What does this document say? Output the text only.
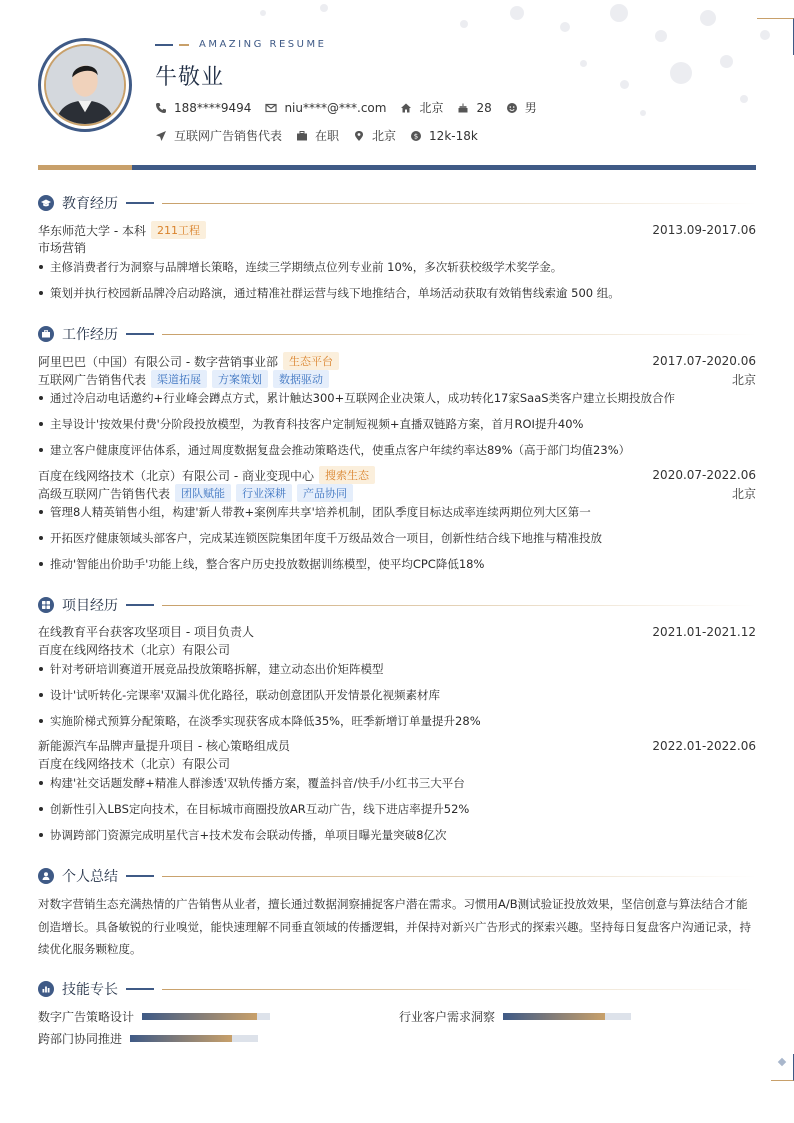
AMAZING RESUME
牛敬业
188****9494	niu****@***.com	北京	28	男
互联网广告销售代表	在职	北京	$ 12k-18k
教育经历
华东师范大学 - 本科	211工程	2013.09-2017.06
市场营销
主修消费者行为洞察与品牌增长策略，连续三学期绩点位列专业前 10%，多次斩获校级学术奖学金。
策划并执行校园新品牌冷启动路演，通过精准社群运营与线下地推结合，单场活动获取有效销售线索逾 500 组。
工作经历
阿里巴巴（中国）有限公司 - 数字营销事业部	生态平台	2017.07-2020.06
互联网广告销售代表	渠道拓展	方案策划	数据驱动	北京
通过冷启动电话邀约+行业峰会蹲点方式，累计触达300+互联网企业决策人，成功转化17家SaaS类客户建立长期投放合作
主导设计'按效果付费'分阶段投放模型，为教育科技客户定制短视频+直播双链路方案，首月ROI提升40%
建立客户健康度评估体系，通过周度数据复盘会推动策略迭代，使重点客户年续约率达89%（高于部门均值23%）
百度在线网络技术（北京）有限公司 - 商业变现中心	搜索生态	2020.07-2022.06
高级互联网广告销售代表	团队赋能	行业深耕	产品协同	北京
管理8人精英销售小组，构建'新人带教+案例库共享'培养机制，团队季度目标达成率连续两期位列大区第一
开拓医疗健康领域头部客户，完成某连锁医院集团年度千万级品效合一项目，创新性结合线下地推与精准投放
推动'智能出价助手'功能上线，整合客户历史投放数据训练模型，使平均CPC降低18%
项目经历
在线教育平台获客攻坚项目 - 项目负责人	2021.01-2021.12
百度在线网络技术（北京）有限公司
针对考研培训赛道开展竞品投放策略拆解，建立动态出价矩阵模型
设计'试听转化-完课率'双漏斗优化路径，联动创意团队开发情景化视频素材库
实施阶梯式预算分配策略，在淡季实现获客成本降低35%，旺季新增订单量提升28%
新能源汽车品牌声量提升项目 - 核心策略组成员	2022.01-2022.06
百度在线网络技术（北京）有限公司
构建'社交话题发酵+精准人群渗透'双轨传播方案，覆盖抖音/快手/小红书三大平台
创新性引入LBS定向技术，在目标城市商圈投放AR互动广告，线下进店率提升52%
协调跨部门资源完成明星代言+技术发布会联动传播，单项目曝光量突破8亿次
个人总结
对数字营销生态充满热情的广告销售从业者，擅长通过数据洞察捕捉客户潜在需求。习惯用A/B测试验证投放效果，坚信创意与算法结合才能创造增长。具备敏锐的行业嗅觉，能快速理解不同垂直领域的传播逻辑，并保持对新兴广告形式的探索兴趣。坚持每日复盘客户沟通记录，持续优化服务颗粒度。
技能专长
数字广告策略设计	行业客户需求洞察
跨部门协同推进
